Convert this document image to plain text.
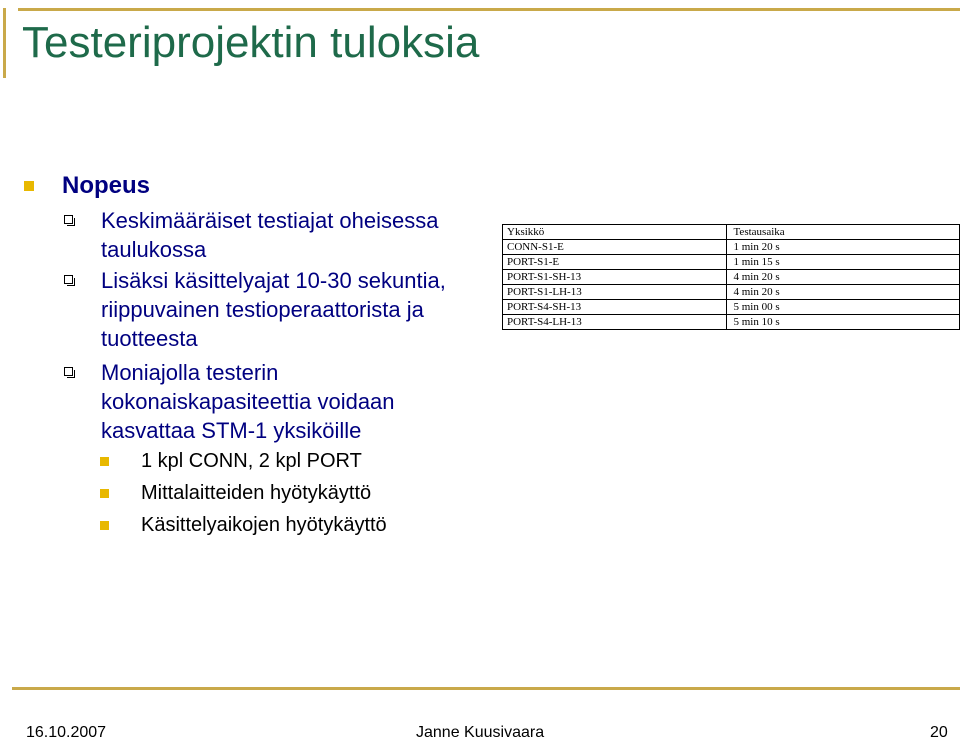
Testeriprojektin tuloksia
Nopeus
Keskimääräiset testiajat oheisessa
taulukossa
Lisäksi käsittelyajat 10-30 sekuntia,
riippuvainen testioperaattorista ja
tuotteesta
Moniajolla testerin
kokonaiskapasiteettia voidaan
kasvattaa STM-1 yksiköille
1 kpl CONN, 2 kpl PORT
Mittalaitteiden hyötykäyttö
Käsittelyaikojen hyötykäyttö
Yksikkö	Testausaika
CONN-S1-E	1 min 20 s
PORT-S1-E	1 min 15 s
PORT-S1-SH-13	4 min 20 s
PORT-S1-LH-13	4 min 20 s
PORT-S4-SH-13	5 min 00 s
PORT-S4-LH-13	5 min 10 s
16.10.2007	Janne Kuusivaara	20
